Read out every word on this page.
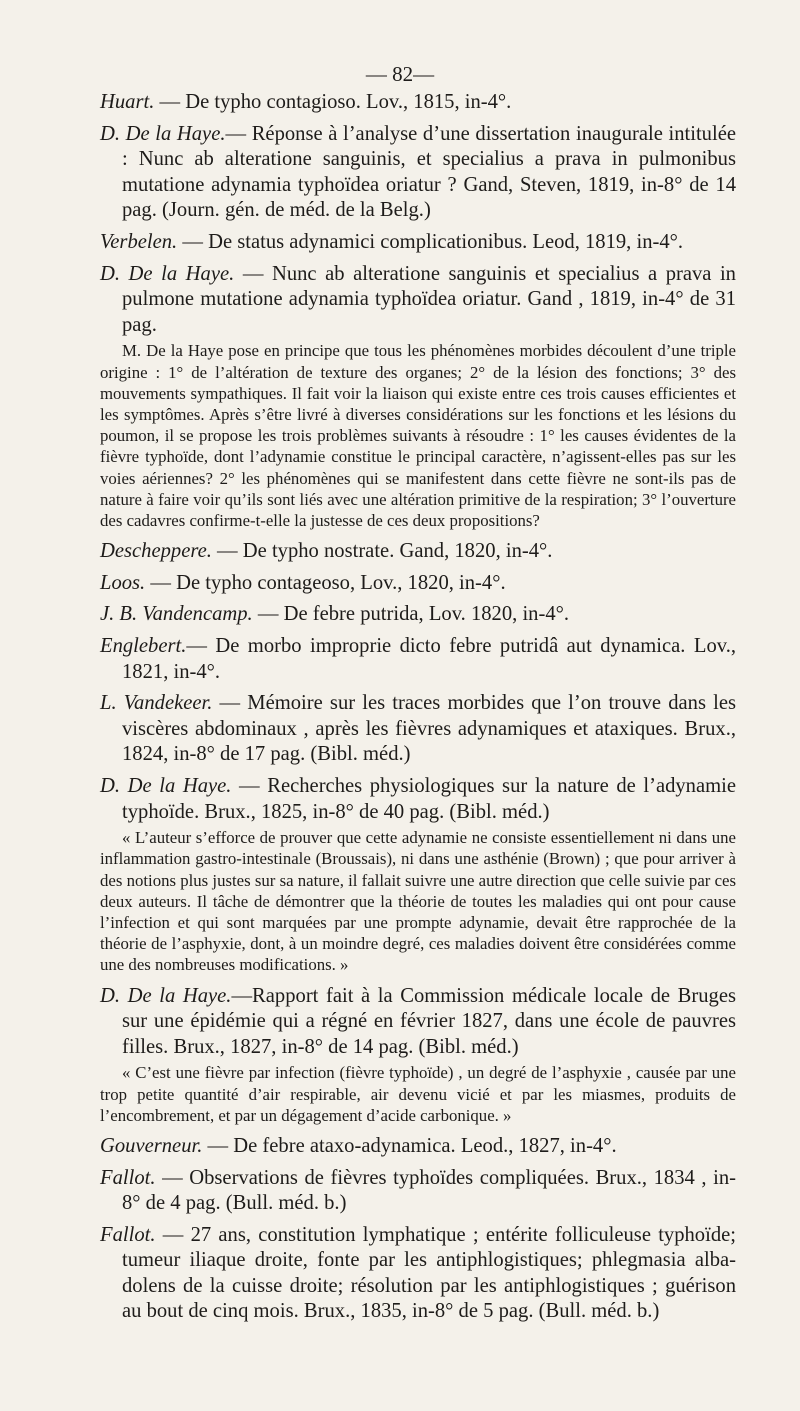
— 82—

Huart. — De typho contagioso. Lov., 1815, in-4°.

D. De la Haye.— Réponse à l’analyse d’une dissertation inaugurale intitulée : Nunc ab alteratione sanguinis, et specialius a prava in pulmonibus mutatione adynamia typhoïdea oriatur ? Gand, Steven, 1819, in-8° de 14 pag. (Journ. gén. de méd. de la Belg.)

Verbelen. — De status adynamici complicationibus. Leod, 1819, in-4°.

D. De la Haye. — Nunc ab alteratione sanguinis et specialius a prava in pulmone mutatione adynamia typhoïdea oriatur. Gand , 1819, in-4° de 31 pag.

M. De la Haye pose en principe que tous les phénomènes morbides découlent d’une triple origine : 1° de l’altération de texture des organes; 2° de la lésion des fonctions; 3° des mouvements sympathiques. Il fait voir la liaison qui existe entre ces trois causes efficientes et les symptômes. Après s’être livré à diverses considérations sur les fonctions et les lésions du poumon, il se propose les trois problèmes suivants à résoudre : 1° les causes évidentes de la fièvre typhoïde, dont l’adynamie constitue le principal caractère, n’agissent-elles pas sur les voies aériennes? 2° les phénomènes qui se manifestent dans cette fièvre ne sont-ils pas de nature à faire voir qu’ils sont liés avec une altération primitive de la respiration; 3° l’ouverture des cadavres confirme-t-elle la justesse de ces deux propositions?

Descheppere. — De typho nostrate. Gand, 1820, in-4°.

Loos. — De typho contageoso, Lov., 1820, in-4°.

J. B. Vandencamp. — De febre putrida, Lov. 1820, in-4°.

Englebert.— De morbo improprie dicto febre putridâ aut dynamica. Lov., 1821, in-4°.

L. Vandekeer. — Mémoire sur les traces morbides que l’on trouve dans les viscères abdominaux , après les fièvres adynamiques et ataxiques. Brux., 1824, in-8° de 17 pag. (Bibl. méd.)

D. De la Haye. — Recherches physiologiques sur la nature de l’adynamie typhoïde. Brux., 1825, in-8° de 40 pag. (Bibl. méd.)

« L’auteur s’efforce de prouver que cette adynamie ne consiste essentiellement ni dans une inflammation gastro-intestinale (Broussais), ni dans une asthénie (Brown) ; que pour arriver à des notions plus justes sur sa nature, il fallait suivre une autre direction que celle suivie par ces deux auteurs. Il tâche de démontrer que la théorie de toutes les maladies qui ont pour cause l’infection et qui sont marquées par une prompte adynamie, devait être rapprochée de la théorie de l’asphyxie, dont, à un moindre degré, ces maladies doivent être considérées comme une des nombreuses modifications. »

D. De la Haye.—Rapport fait à la Commission médicale locale de Bruges sur une épidémie qui a régné en février 1827, dans une école de pauvres filles. Brux., 1827, in-8° de 14 pag. (Bibl. méd.)

« C’est une fièvre par infection (fièvre typhoïde) , un degré de l’asphyxie , causée par une trop petite quantité d’air respirable, air devenu vicié et par les miasmes, produits de l’encombrement, et par un dégagement d’acide carbonique. »

Gouverneur. — De febre ataxo-adynamica. Leod., 1827, in-4°.

Fallot. — Observations de fièvres typhoïdes compliquées. Brux., 1834 , in-8° de 4 pag. (Bull. méd. b.)

Fallot. — 27 ans, constitution lymphatique ; entérite folliculeuse typhoïde; tumeur iliaque droite, fonte par les antiphlogistiques; phlegmasia alba-dolens de la cuisse droite; résolution par les antiphlogistiques ; guérison au bout de cinq mois. Brux., 1835, in-8° de 5 pag. (Bull. méd. b.)
